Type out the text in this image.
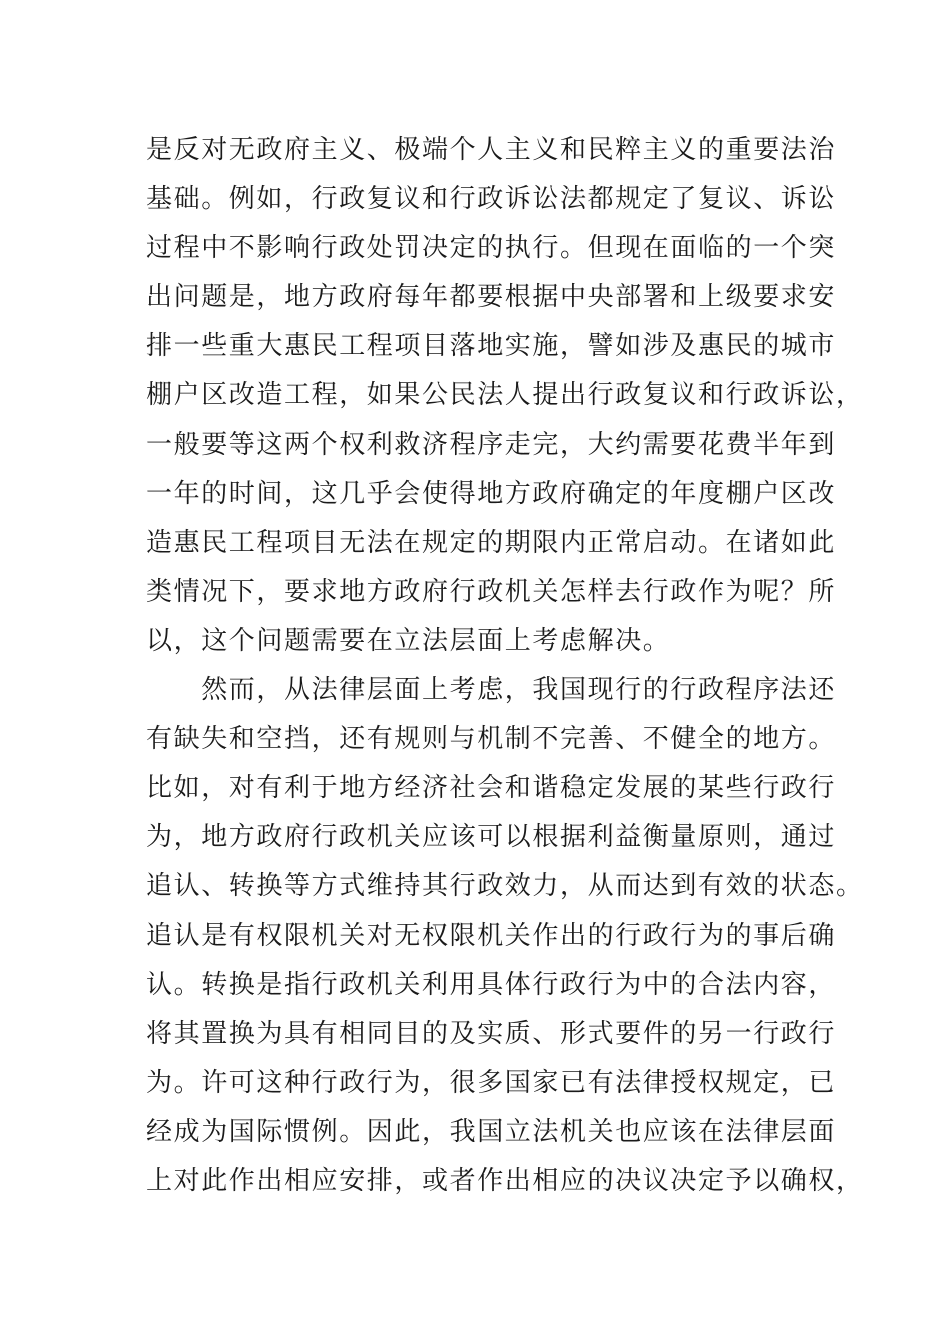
是反对无政府主义、极端个人主义和民粹主义的重要法治
基础。例如，行政复议和行政诉讼法都规定了复议、诉讼
过程中不影响行政处罚决定的执行。但现在面临的一个突
出问题是，地方政府每年都要根据中央部署和上级要求安
排一些重大惠民工程项目落地实施，譬如涉及惠民的城市
棚户区改造工程，如果公民法人提出行政复议和行政诉讼，
一般要等这两个权利救济程序走完，大约需要花费半年到
一年的时间，这几乎会使得地方政府确定的年度棚户区改
造惠民工程项目无法在规定的期限内正常启动。在诸如此
类情况下，要求地方政府行政机关怎样去行政作为呢？所
以，这个问题需要在立法层面上考虑解决。
　　然而，从法律层面上考虑，我国现行的行政程序法还
有缺失和空挡，还有规则与机制不完善、不健全的地方。
比如，对有利于地方经济社会和谐稳定发展的某些行政行
为，地方政府行政机关应该可以根据利益衡量原则，通过
追认、转换等方式维持其行政效力，从而达到有效的状态。
追认是有权限机关对无权限机关作出的行政行为的事后确
认。转换是指行政机关利用具体行政行为中的合法内容，
将其置换为具有相同目的及实质、形式要件的另一行政行
为。许可这种行政行为，很多国家已有法律授权规定，已
经成为国际惯例。因此，我国立法机关也应该在法律层面
上对此作出相应安排，或者作出相应的决议决定予以确权，
